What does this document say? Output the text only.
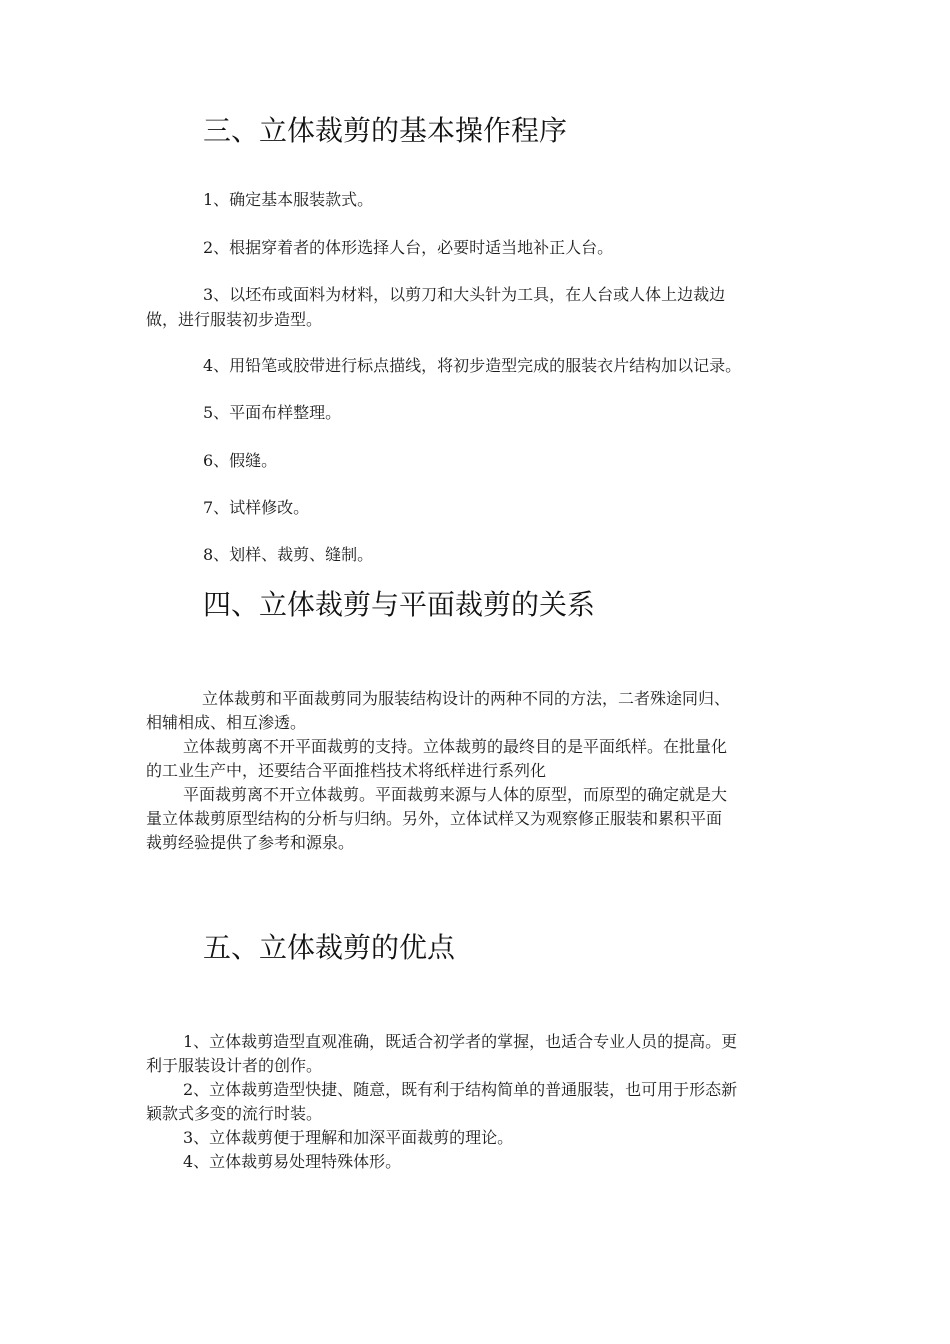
三、立体裁剪的基本操作程序
1、确定基本服装款式。
2、根据穿着者的体形选择人台，必要时适当地补正人台。
3、以坯布或面料为材料，以剪刀和大头针为工具，在人台或人体上边裁边
做，进行服装初步造型。
4、用铅笔或胶带进行标点描线，将初步造型完成的服装衣片结构加以记录。
5、平面布样整理。
6、假缝。
7、试样修改。
8、划样、裁剪、缝制。
四、立体裁剪与平面裁剪的关系
立体裁剪和平面裁剪同为服装结构设计的两种不同的方法，二者殊途同归、
相辅相成、相互渗透。
立体裁剪离不开平面裁剪的支持。立体裁剪的最终目的是平面纸样。在批量化
的工业生产中，还要结合平面推档技术将纸样进行系列化
平面裁剪离不开立体裁剪。平面裁剪来源与人体的原型，而原型的确定就是大
量立体裁剪原型结构的分析与归纳。另外，立体试样又为观察修正服装和累积平面
裁剪经验提供了参考和源泉。
五、立体裁剪的优点
1、立体裁剪造型直观准确，既适合初学者的掌握，也适合专业人员的提高。更
利于服装设计者的创作。
2、立体裁剪造型快捷、随意，既有利于结构简单的普通服装，也可用于形态新
颖款式多变的流行时装。
3、立体裁剪便于理解和加深平面裁剪的理论。
4、立体裁剪易处理特殊体形。
